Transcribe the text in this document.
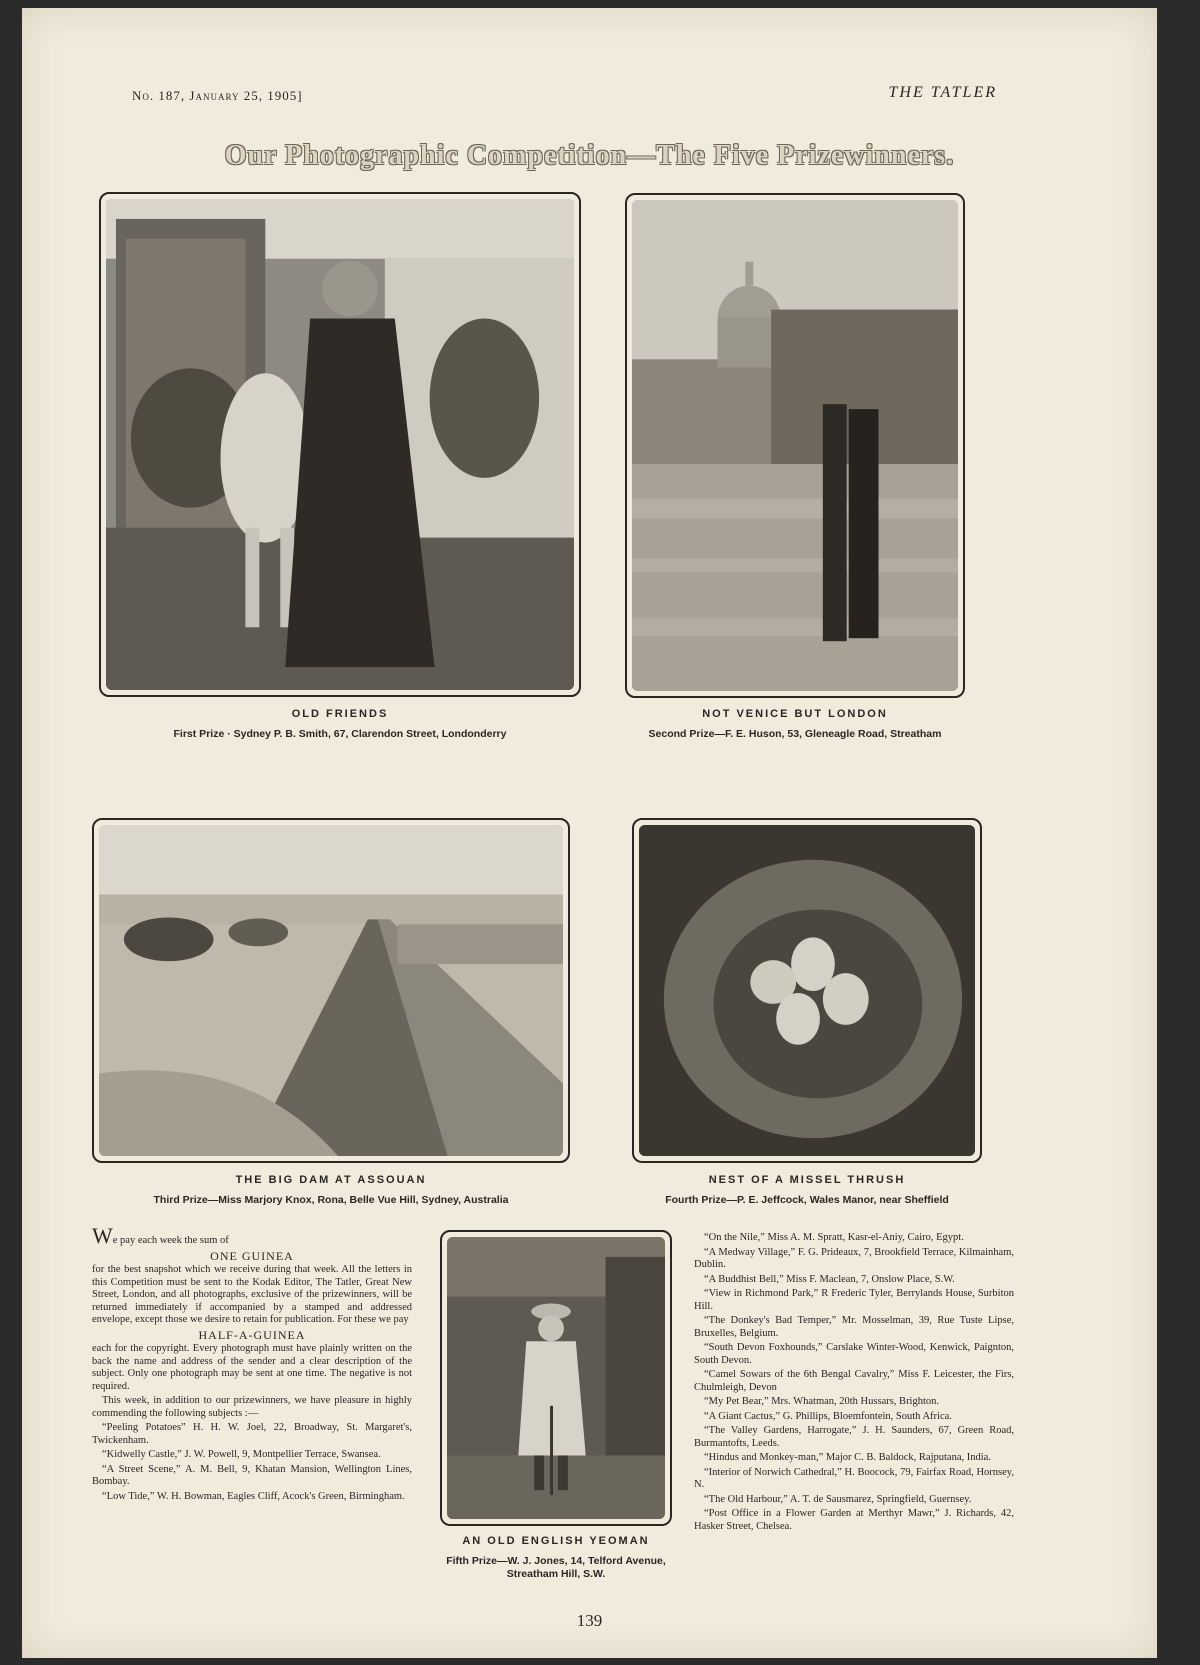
No. 187, January 25, 1905]	THE TATLER
Our Photographic Competition—The Five Prizewinners.
OLD FRIENDS
First Prize · Sydney P. B. Smith, 67, Clarendon Street, Londonderry
NOT VENICE BUT LONDON
Second Prize—F. E. Huson, 53, Gleneagle Road, Streatham
THE BIG DAM AT ASSOUAN
Third Prize—Miss Marjory Knox, Rona, Belle Vue Hill, Sydney, Australia
NEST OF A MISSEL THRUSH
Fourth Prize—P. E. Jeffcock, Wales Manor, near Sheffield
AN OLD ENGLISH YEOMAN
Fifth Prize—W. J. Jones, 14, Telford Avenue,
Streatham Hill, S.W.

We pay each week the sum of

ONE GUINEA

for the best snapshot which we receive during that week. All the letters in this Competition must be sent to the Kodak Editor, The Tatler, Great New Street, London, and all photographs, exclusive of the prizewinners, will be returned immediately if accompanied by a stamped and addressed envelope, except those we desire to retain for publication. For these we pay

HALF-A-GUINEA

each for the copyright. Every photograph must have plainly written on the back the name and address of the sender and a clear description of the subject. Only one photograph may be sent at one time. The negative is not required.

This week, in addition to our prizewinners, we have pleasure in highly commending the following subjects :—

“Peeling Potatoes” H. H. W. Joel, 22, Broadway, St. Margaret's, Twickenham.

“Kidwelly Castle,” J. W. Powell, 9, Montpellier Terrace, Swansea.

“A Street Scene,” A. M. Bell, 9, Khatan Mansion, Wellington Lines, Bombay.

“Low Tide,” W. H. Bowman, Eagles Cliff, Acock's Green, Birmingham.

“On the Nile,” Miss A. M. Spratt, Kasr-el-Aniy, Cairo, Egypt.

“A Medway Village,” F. G. Prideaux, 7, Brookfield Terrace, Kilmainham, Dublin.

“A Buddhist Bell,” Miss F. Maclean, 7, Onslow Place, S.W.

“View in Richmond Park,” R Frederic Tyler, Berrylands House, Surbiton Hill.

“The Donkey's Bad Temper,” Mr. Mosselman, 39, Rue Tuste Lipse, Bruxelles, Belgium.

“South Devon Foxhounds,” Carslake Winter-Wood, Kenwick, Paignton, South Devon.

“Camel Sowars of the 6th Bengal Cavalry,” Miss F. Leicester, the Firs, Chulmleigh, Devon

“My Pet Bear,” Mrs. Whatman, 20th Hussars, Brighton.

“A Giant Cactus,” G. Phillips, Bloemfontein, South Africa.

“The Valley Gardens, Harrogate,” J. H. Saunders, 67, Green Road, Burmantofts, Leeds.

“Hindus and Monkey-man,” Major C. B. Baldock, Rajputana, India.

“Interior of Norwich Cathedral,” H. Boocock, 79, Fairfax Road, Hornsey, N.

“The Old Harbour,” A. T. de Sausmarez, Springfield, Guernsey.

“Post Office in a Flower Garden at Merthyr Mawr,” J. Richards, 42, Hasker Street, Chelsea.

139
